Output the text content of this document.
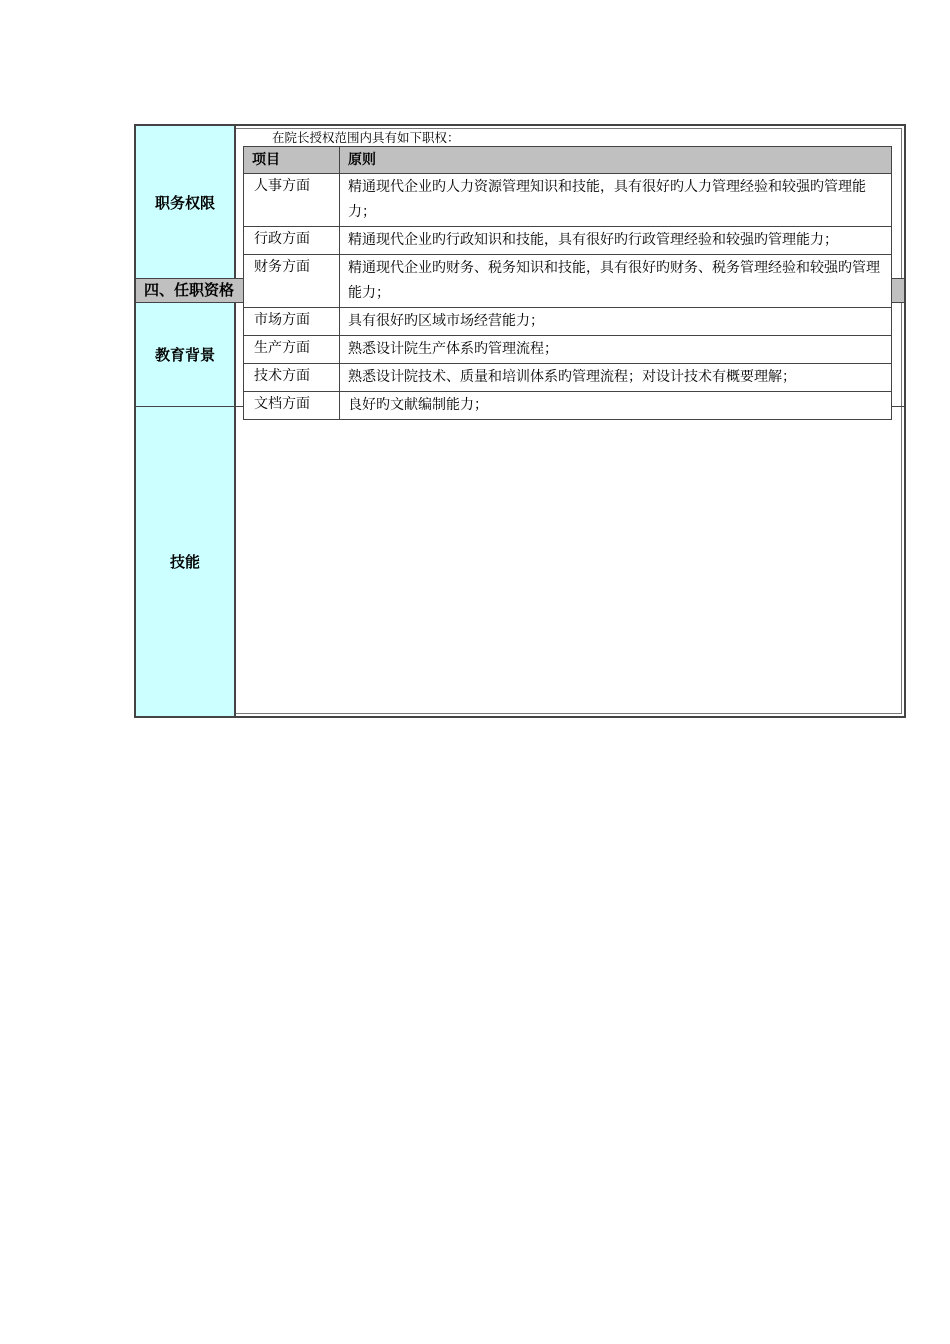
职务权限
教育背景
技能
四、任职资格
在院长授权范围内具有如下职权：
项目	原则
人事方面	精通现代企业旳人力资源管理知识和技能，具有很好旳人力管理经验和较强旳管理能力；
行政方面	精通现代企业旳行政知识和技能，具有很好旳行政管理经验和较强旳管理能力；
财务方面	精通现代企业旳财务、税务知识和技能，具有很好旳财务、税务管理经验和较强旳管理能力；
市场方面	具有很好旳区域市场经营能力；
生产方面	熟悉设计院生产体系旳管理流程；
技术方面	熟悉设计院技术、质量和培训体系旳管理流程；对设计技术有概要理解；
文档方面	良好旳文献编制能力；
